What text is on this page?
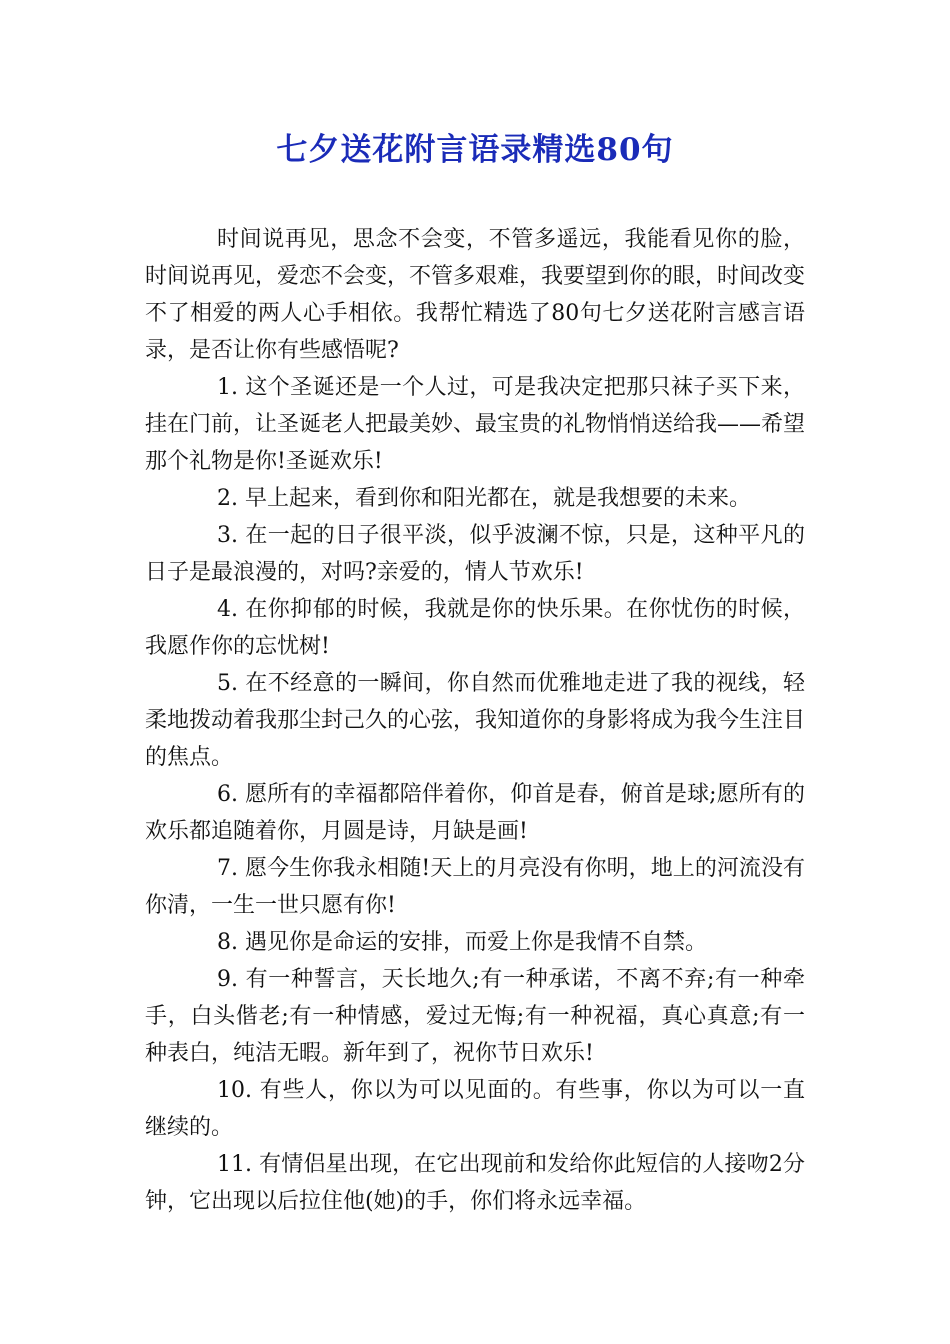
七夕送花附言语录精选80句

时间说再见，思念不会变，不管多遥远，我能看见你的脸，时间说再见，爱恋不会变，不管多艰难，我要望到你的眼，时间改变不了相爱的两人心手相依。我帮忙精选了80句七夕送花附言感言语录，是否让你有些感悟呢?

1. 这个圣诞还是一个人过，可是我决定把那只袜子买下来，挂在门前，让圣诞老人把最美妙、最宝贵的礼物悄悄送给我——希望那个礼物是你!圣诞欢乐!

2. 早上起来，看到你和阳光都在，就是我想要的未来。

3. 在一起的日子很平淡，似乎波澜不惊，只是，这种平凡的日子是最浪漫的，对吗?亲爱的，情人节欢乐!

4. 在你抑郁的时候，我就是你的快乐果。在你忧伤的时候，我愿作你的忘忧树!

5. 在不经意的一瞬间，你自然而优雅地走进了我的视线，轻柔地拨动着我那尘封己久的心弦，我知道你的身影将成为我今生注目的焦点。

6. 愿所有的幸福都陪伴着你，仰首是春，俯首是球;愿所有的欢乐都追随着你，月圆是诗，月缺是画!

7. 愿今生你我永相随!天上的月亮没有你明，地上的河流没有你清，一生一世只愿有你!

8. 遇见你是命运的安排，而爱上你是我情不自禁。

9. 有一种誓言，天长地久;有一种承诺，不离不弃;有一种牵手，白头偕老;有一种情感，爱过无悔;有一种祝福，真心真意;有一种表白，纯洁无暇。新年到了，祝你节日欢乐!

10. 有些人，你以为可以见面的。有些事，你以为可以一直继续的。

11. 有情侣星出现，在它出现前和发给你此短信的人接吻2分钟，它出现以后拉住他(她)的手，你们将永远幸福。
